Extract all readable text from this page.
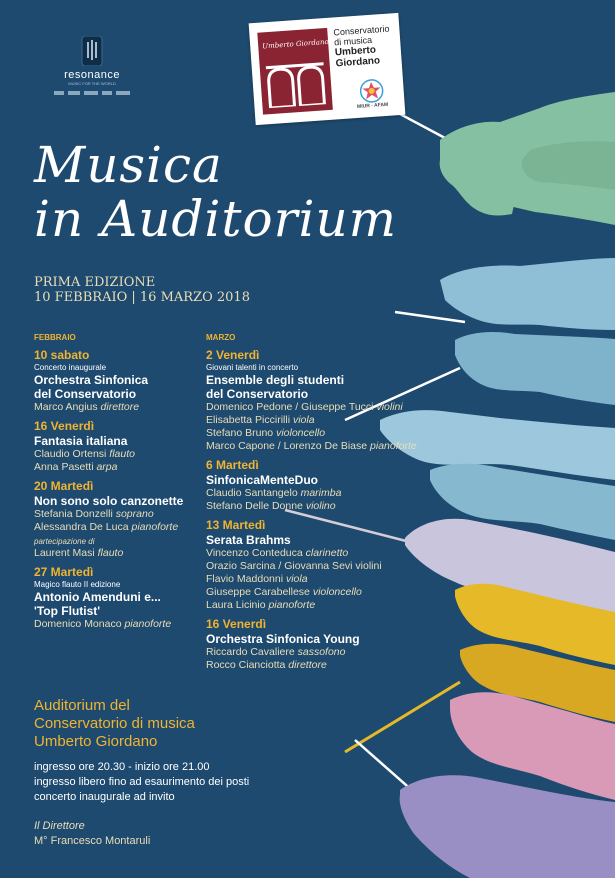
resonance
MUSIC FOR THE WORLD
Umberto Giordano
Conservatorio
di musica
Umberto
Giordano
MIUR · AFAM
Musica
in Auditorium
PRIMA EDIZIONE
10 FEBBRAIO | 16 MARZO 2018
FEBBRAIO
10 sabato
Concerto inaugurale
Orchestra Sinfonica
del Conservatorio
Marco Angius direttore
16 Venerdì
Fantasia italiana
Claudio Ortensi flauto
Anna Pasetti arpa
20 Martedì
Non sono solo canzonette
Stefania Donzelli soprano
Alessandra De Luca pianoforte
partecipazione di
Laurent Masi flauto
27 Martedì
Magico flauto II edizione
Antonio Amenduni e...
'Top Flutist'
Domenico Monaco pianoforte
MARZO
2 Venerdì
Giovani talenti in concerto
Ensemble degli studenti
del Conservatorio
Domenico Pedone / Giuseppe Tucci violini
Elisabetta Piccirilli viola
Stefano Bruno violoncello
Marco Capone / Lorenzo De Biase pianoforte
6 Martedì
SinfonicaMenteDuo
Claudio Santangelo marimba
Stefano Delle Donne violino
13 Martedì
Serata Brahms
Vincenzo Conteduca clarinetto
Orazio Sarcina / Giovanna Sevi violini
Flavio Maddonni viola
Giuseppe Carabellese violoncello
Laura Licinio pianoforte
16 Venerdì
Orchestra Sinfonica Young
Riccardo Cavaliere sassofono
Rocco Cianciotta direttore
Auditorium del
Conservatorio di musica
Umberto Giordano
ingresso ore 20.30 - inizio ore 21.00
ingresso libero fino ad esaurimento dei posti
concerto inaugurale ad invito
Il Direttore
M° Francesco Montaruli
